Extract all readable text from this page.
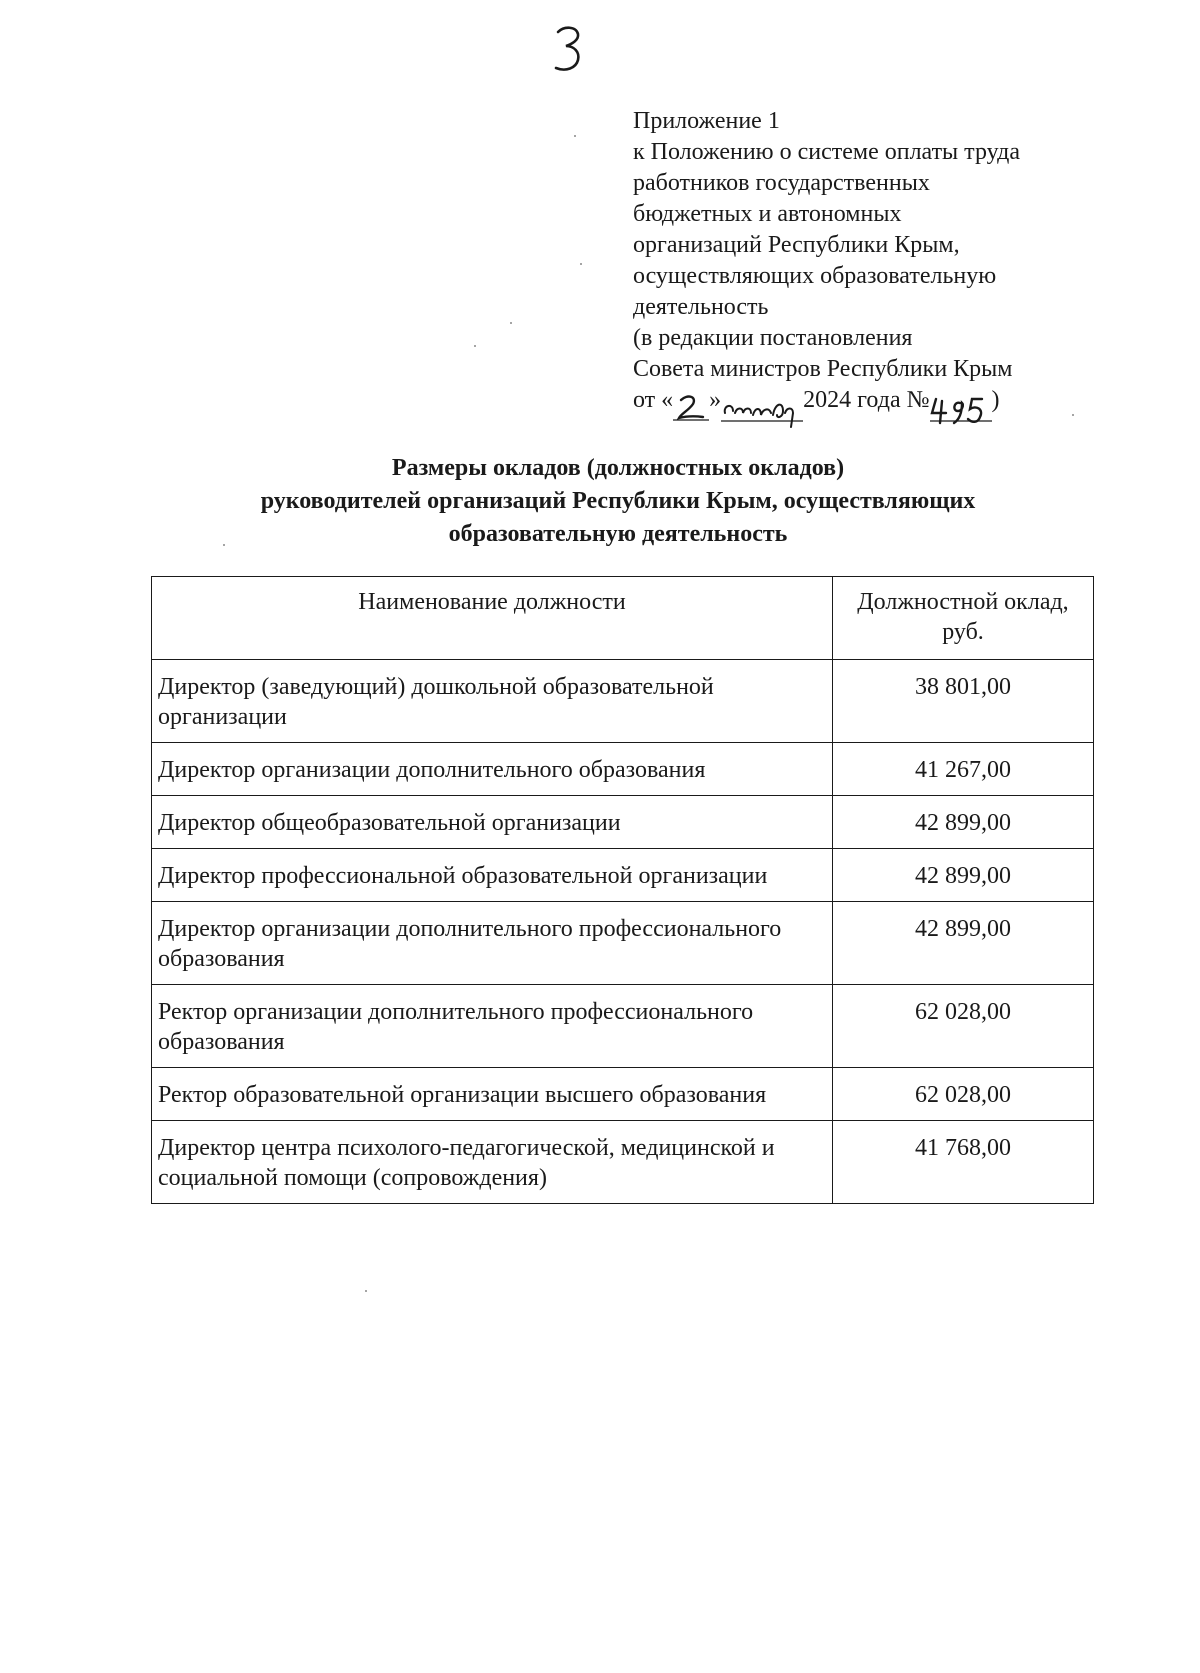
Приложение 1
к Положению о системе оплаты труда
работников государственных
бюджетных и автономных
организаций Республики Крым,
осуществляющих образовательную
деятельность
(в редакции постановления
Совета министров Республики Крым
от « »	2024 года №	)
Размеры окладов (должностных окладов)
руководителей организаций Республики Крым, осуществляющих
образовательную деятельность
Наименование должности	Должностной оклад, руб.
Директор (заведующий) дошкольной образовательной организации	38 801,00
Директор организации дополнительного образования	41 267,00
Директор общеобразовательной организации	42 899,00
Директор профессиональной образовательной организации	42 899,00
Директор организации дополнительного профессионального образования	42 899,00
Ректор организации дополнительного профессионального образования	62 028,00
Ректор образовательной организации высшего образования	62 028,00
Директор центра психолого-педагогической, медицинской и социальной помощи (сопровождения)	41 768,00
